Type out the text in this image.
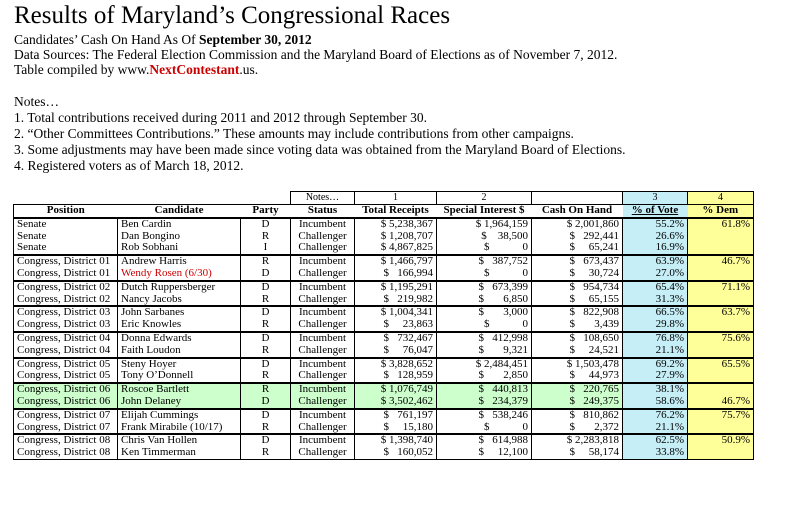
Results of Maryland’s Congressional Races
Candidates’ Cash On Hand As Of September 30, 2012
Data Sources: The Federal Election Commission and the Maryland Board of Elections as of November 7, 2012.
Table compiled by www.NextContestant.us.
Notes…
1. Total contributions received during 2011 and 2012 through September 30.
2. “Other Committees Contributions.” These amounts may include contributions from other campaigns.
3. Some adjustments may have been made since voting data was obtained from the Maryland Board of Elections.
4. Registered voters as of March 18, 2012.
			Notes…	1	2		3	4
Position	Candidate	Party	Status	Total Receipts	Special Interest $	Cash On Hand	% of Vote	% Dem
Senate	Ben Cardin	D	Incumbent	$ 5,238,367	$ 1,964,159	$ 2,001,860	55.2%	61.8%
Senate	Dan Bongino	R	Challenger	$ 1,208,707	$    38,500	$   292,441	26.6%	
Senate	Rob Sobhani	I	Challenger	$ 4,867,825	$            0	$     65,241	16.9%	
Congress, District 01	Andrew Harris	R	Incumbent	$ 1,466,797	$   387,752	$   673,437	63.9%	46.7%
Congress, District 01	Wendy Rosen (6/30)	D	Challenger	$   166,994	$            0	$     30,724	27.0%	
Congress, District 02	Dutch Ruppersberger	D	Incumbent	$ 1,195,291	$   673,399	$   954,734	65.4%	71.1%
Congress, District 02	Nancy Jacobs	R	Challenger	$   219,982	$       6,850	$     65,155	31.3%	
Congress, District 03	John Sarbanes	D	Incumbent	$ 1,004,341	$       3,000	$   822,908	66.5%	63.7%
Congress, District 03	Eric Knowles	R	Challenger	$     23,863	$            0	$       3,439	29.8%	
Congress, District 04	Donna Edwards	D	Incumbent	$   732,467	$   412,998	$   108,650	76.8%	75.6%
Congress, District 04	Faith Loudon	R	Challenger	$     76,047	$       9,321	$     24,521	21.1%	
Congress, District 05	Steny Hoyer	D	Incumbent	$ 3,828,652	$ 2,484,451	$ 1,503,478	69.2%	65.5%
Congress, District 05	Tony O’Donnell	R	Challenger	$   128,959	$       2,850	$     44,973	27.9%	
Congress, District 06	Roscoe Bartlett	R	Incumbent	$ 1,076,749	$   440,813	$   220,765	38.1%	
Congress, District 06	John Delaney	D	Challenger	$ 3,502,462	$   234,379	$   249,375	58.6%	46.7%
Congress, District 07	Elijah Cummings	D	Incumbent	$   761,197	$   538,246	$   810,862	76.2%	75.7%
Congress, District 07	Frank Mirabile (10/17)	R	Challenger	$     15,180	$            0	$       2,372	21.1%	
Congress, District 08	Chris Van Hollen	D	Incumbent	$ 1,398,740	$   614,988	$ 2,283,818	62.5%	50.9%
Congress, District 08	Ken Timmerman	R	Challenger	$   160,052	$     12,100	$     58,174	33.8%	
